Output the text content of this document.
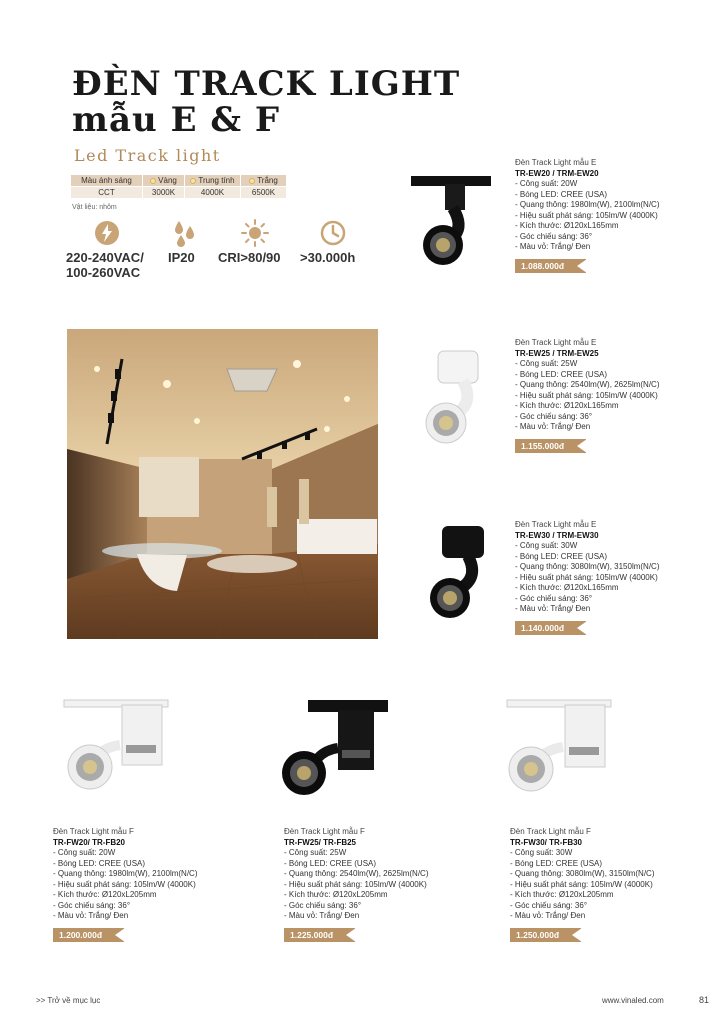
ĐÈN TRACK LIGHT
mẫu E & F
Led Track light
Màu ánh sáng	Vàng	Trung tính	Trắng
CCT	3000K	4000K	6500K
Vật liệu: nhôm
220-240VAC/
100-260VAC
IP20 CRI>80/90 >30.000h
Đèn Track Light mẫu E
TR-EW20 / TRM-EW20
- Công suất: 20W
- Bóng LED: CREE (USA)
- Quang thông: 1980lm(W), 2100lm(N/C)
- Hiệu suất phát sáng: 105lm/W (4000K)
- Kích thước: Ø120xL165mm
- Góc chiếu sáng: 36°
- Màu vỏ: Trắng/ Đen
1.088.000đ
Đèn Track Light mẫu E
TR-EW25 / TRM-EW25
- Công suất: 25W
- Bóng LED: CREE (USA)
- Quang thông: 2540lm(W), 2625lm(N/C)
- Hiệu suất phát sáng: 105lm/W (4000K)
- Kích thước: Ø120xL165mm
- Góc chiếu sáng: 36°
- Màu vỏ: Trắng/ Đen
1.155.000đ
Đèn Track Light mẫu E
TR-EW30 / TRM-EW30
- Công suất: 30W
- Bóng LED: CREE (USA)
- Quang thông: 3080lm(W), 3150lm(N/C)
- Hiệu suất phát sáng: 105lm/W (4000K)
- Kích thước: Ø120xL165mm
- Góc chiếu sáng: 36°
- Màu vỏ: Trắng/ Đen
1.140.000đ
Đèn Track Light mẫu F
TR-FW20/ TR-FB20
- Công suất: 20W
- Bóng LED: CREE (USA)
- Quang thông: 1980lm(W), 2100lm(N/C)
- Hiệu suất phát sáng: 105lm/W (4000K)
- Kích thước: Ø120xL205mm
- Góc chiếu sáng: 36°
- Màu vỏ: Trắng/ Đen
1.200.000đ
Đèn Track Light mẫu F
TR-FW25/ TR-FB25
- Công suất: 25W
- Bóng LED: CREE (USA)
- Quang thông: 2540lm(W), 2625lm(N/C)
- Hiệu suất phát sáng: 105lm/W (4000K)
- Kích thước: Ø120xL205mm
- Góc chiếu sáng: 36°
- Màu vỏ: Trắng/ Đen
1.225.000đ
Đèn Track Light mẫu F
TR-FW30/ TR-FB30
- Công suất: 30W
- Bóng LED: CREE (USA)
- Quang thông: 3080lm(W), 3150lm(N/C)
- Hiệu suất phát sáng: 105lm/W (4000K)
- Kích thước: Ø120xL205mm
- Góc chiếu sáng: 36°
- Màu vỏ: Trắng/ Đen
1.250.000đ
>> Trở về mục lục	www.vinaled.com	81
